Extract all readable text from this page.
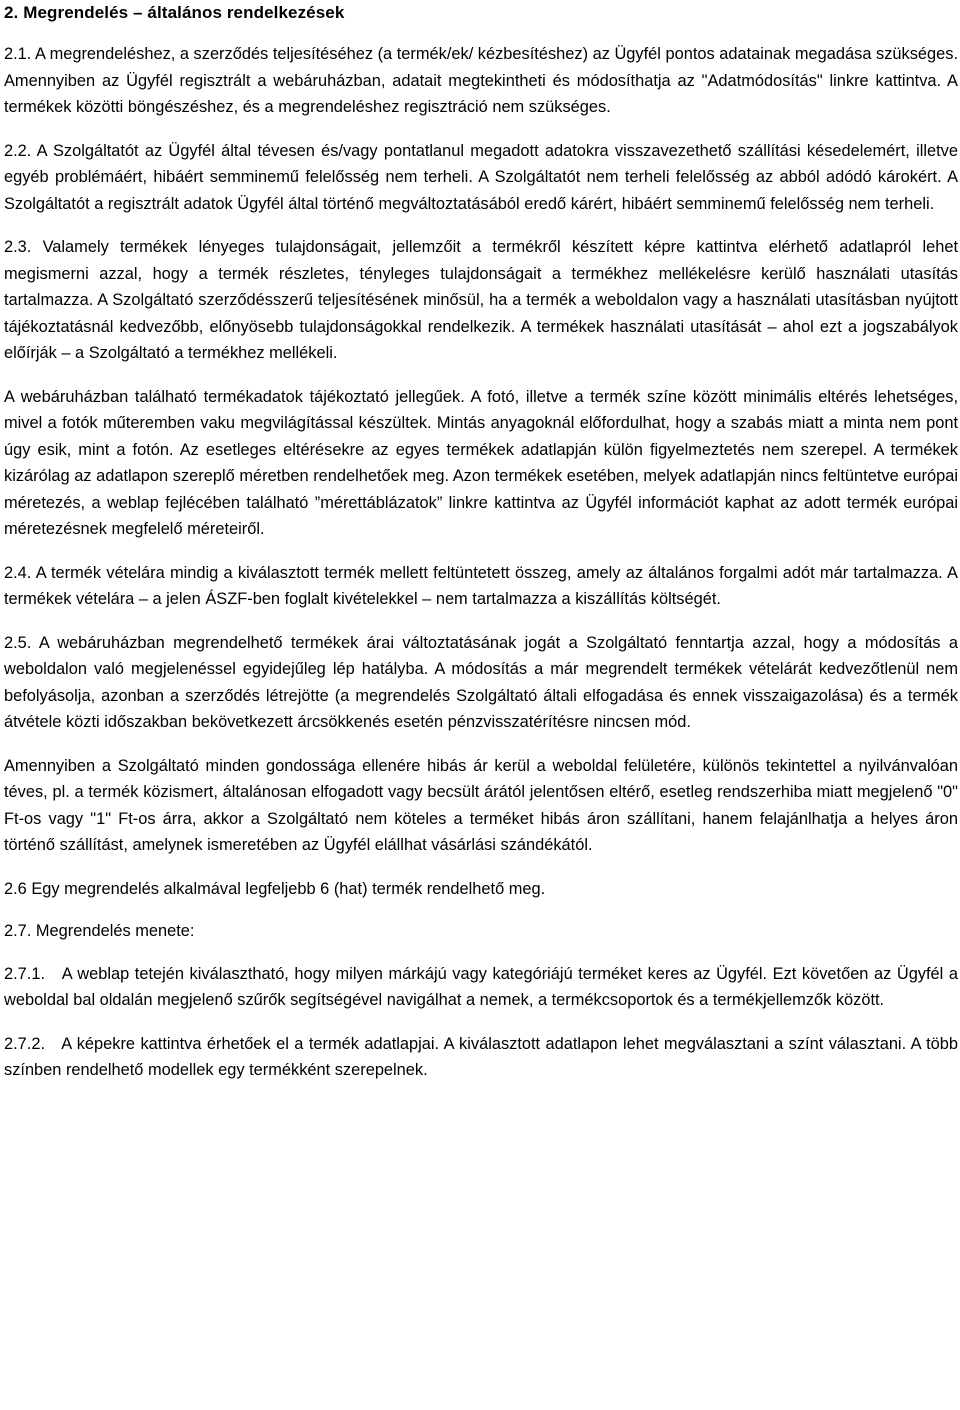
2. Megrendelés – általános rendelkezések

2.1. A megrendeléshez, a szerződés teljesítéséhez (a termék/ek/ kézbesítéshez) az Ügyfél pontos adatainak megadása szükséges. Amennyiben az Ügyfél regisztrált a webáruházban, adatait megtekintheti és módosíthatja az "Adatmódosítás" linkre kattintva. A termékek közötti böngészéshez, és a megrendeléshez regisztráció nem szükséges.

2.2. A Szolgáltatót az Ügyfél által tévesen és/vagy pontatlanul megadott adatokra visszavezethető szállítási késedelemért, illetve egyéb problémáért, hibáért semminemű felelősség nem terheli. A Szolgáltatót nem terheli felelősség az abból adódó károkért. A Szolgáltatót a regisztrált adatok Ügyfél által történő megváltoztatásából eredő kárért, hibáért semminemű felelősség nem terheli.

2.3. Valamely termékek lényeges tulajdonságait, jellemzőit a termékről készített képre kattintva elérhető adatlapról lehet megismerni azzal, hogy a termék részletes, tényleges tulajdonságait a termékhez mellékelésre kerülő használati utasítás tartalmazza. A Szolgáltató szerződésszerű teljesítésének minősül, ha a termék a weboldalon vagy a használati utasításban nyújtott tájékoztatásnál kedvezőbb, előnyösebb tulajdonságokkal rendelkezik. A termékek használati utasítását – ahol ezt a jogszabályok előírják – a Szolgáltató a termékhez mellékeli.

A webáruházban található termékadatok tájékoztató jellegűek. A fotó, illetve a termék színe között minimális eltérés lehetséges, mivel a fotók műteremben vaku megvilágítással készültek. Mintás anyagoknál előfordulhat, hogy a szabás miatt a minta nem pont úgy esik, mint a fotón. Az esetleges eltérésekre az egyes termékek adatlapján külön figyelmeztetés nem szerepel. A termékek kizárólag az adatlapon szereplő méretben rendelhetőek meg. Azon termékek esetében, melyek adatlapján nincs feltüntetve európai méretezés, a weblap fejlécében található ”mérettáblázatok” linkre kattintva az Ügyfél információt kaphat az adott termék európai méretezésnek megfelelő méreteiről.

2.4. A termék vételára mindig a kiválasztott termék mellett feltüntetett összeg, amely az általános forgalmi adót már tartalmazza. A termékek vételára – a jelen ÁSZF-ben foglalt kivételekkel – nem tartalmazza a kiszállítás költségét.

2.5. A webáruházban megrendelhető termékek árai változtatásának jogát a Szolgáltató fenntartja azzal, hogy a módosítás a weboldalon való megjelenéssel egyidejűleg lép hatályba. A módosítás a már megrendelt termékek vételárát kedvezőtlenül nem befolyásolja, azonban a szerződés létrejötte (a megrendelés Szolgáltató általi elfogadása és ennek visszaigazolása) és a termék átvétele közti időszakban bekövetkezett árcsökkenés esetén pénzvisszatérítésre nincsen mód.

Amennyiben a Szolgáltató minden gondossága ellenére hibás ár kerül a weboldal felületére, különös tekintettel a nyilvánvalóan téves, pl. a termék közismert, általánosan elfogadott vagy becsült árától jelentősen eltérő, esetleg rendszerhiba miatt megjelenő "0" Ft-os vagy "1" Ft-os árra, akkor a Szolgáltató nem köteles a terméket hibás áron szállítani, hanem felajánlhatja a helyes áron történő szállítást, amelynek ismeretében az Ügyfél elállhat vásárlási szándékától.

2.6 Egy megrendelés alkalmával legfeljebb 6 (hat) termék rendelhető meg.

2.7. Megrendelés menete:

2.7.1.   A weblap tetején kiválasztható, hogy milyen márkájú vagy kategóriájú terméket keres az Ügyfél. Ezt követően az Ügyfél a weboldal bal oldalán megjelenő szűrők segítségével navigálhat a nemek, a termékcsoportok és a termékjellemzők között.

2.7.2.   A képekre kattintva érhetőek el a termék adatlapjai. A kiválasztott adatlapon lehet megválasztani a színt választani. A több színben rendelhető modellek egy termékként szerepelnek.
